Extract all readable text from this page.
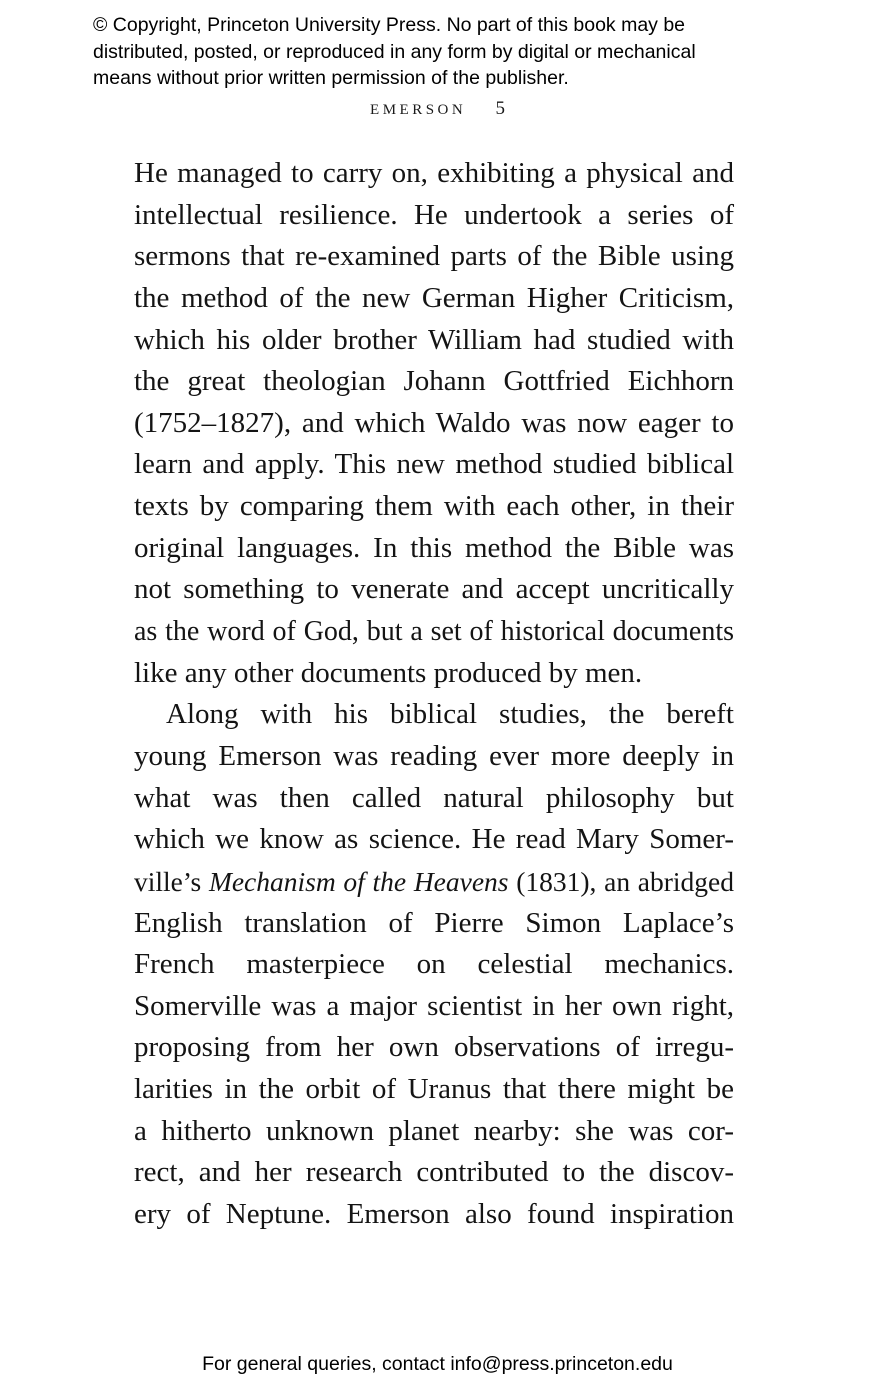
© Copyright, Princeton University Press. No part of this book may be
distributed, posted, or reproduced in any form by digital or mechanical
means without prior written permission of the publisher.
EMERSON 5
He managed to carry on, exhibiting a physical and
intellectual resilience. He undertook a series of
sermons that re-examined parts of the Bible using
the method of the new German Higher Criticism,
which his older brother William had studied with
the great theologian Johann Gottfried Eichhorn
(1752–1827), and which Waldo was now eager to
learn and apply. This new method studied biblical
texts by comparing them with each other, in their
original languages. In this method the Bible was
not something to venerate and accept uncritically
as the word of God, but a set of historical documents
like any other documents produced by men.
Along with his biblical studies, the bereft
young Emerson was reading ever more deeply in
what was then called natural philosophy but
which we know as science. He read Mary Somer-
ville’s Mechanism of the Heavens (1831), an abridged
English translation of Pierre Simon Laplace’s
French masterpiece on celestial mechanics.
Somerville was a major scientist in her own right,
proposing from her own observations of irregu-
larities in the orbit of Uranus that there might be
a hitherto unknown planet nearby: she was cor-
rect, and her research contributed to the discov-
ery of Neptune. Emerson also found inspiration
For general queries, contact info@press.princeton.edu
